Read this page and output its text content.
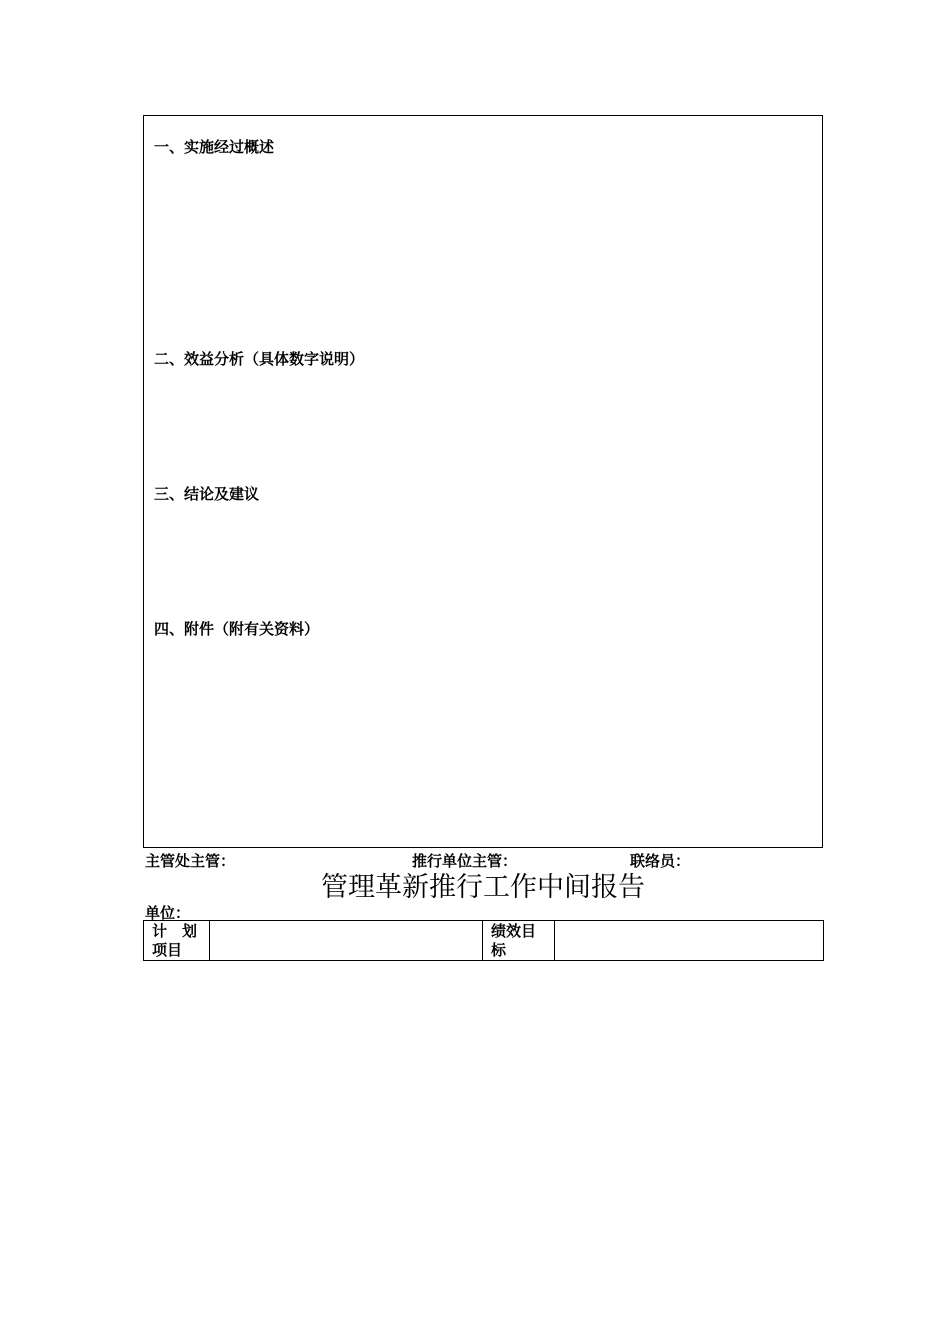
一、实施经过概述
二、效益分析（具体数字说明）
三、结论及建议
四、附件（附有关资料）
主管处主管：	推行单位主管：	联络员：
管理革新推行工作中间报告
单位：
计　划项目		绩效目标	
